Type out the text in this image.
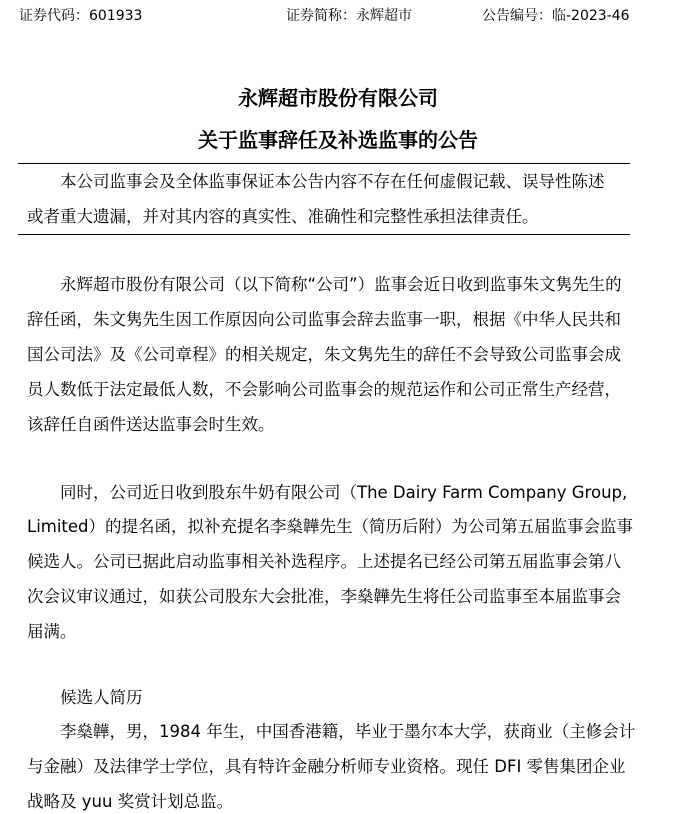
证券代码：601933	证券简称：永辉超市	公告编号：临-2023-46
永辉超市股份有限公司
关于监事辞任及补选监事的公告
本公司监事会及全体监事保证本公告内容不存在任何虚假记载、误导性陈述
或者重大遗漏，并对其内容的真实性、准确性和完整性承担法律责任。
永辉超市股份有限公司（以下简称“公司”）监事会近日收到监事朱文隽先生的
辞任函，朱文隽先生因工作原因向公司监事会辞去监事一职，根据《中华人民共和
国公司法》及《公司章程》的相关规定，朱文隽先生的辞任不会导致公司监事会成
员人数低于法定最低人数，不会影响公司监事会的规范运作和公司正常生产经营，
该辞任自函件送达监事会时生效。
同时，公司近日收到股东牛奶有限公司（The Dairy Farm Company Group,
Limited）的提名函，拟补充提名李燊韡先生（简历后附）为公司第五届监事会监事
候选人。公司已据此启动监事相关补选程序。上述提名已经公司第五届监事会第八
次会议审议通过，如获公司股东大会批准，李燊韡先生将任公司监事至本届监事会
届满。
候选人简历
李燊韡，男，1984 年生，中国香港籍，毕业于墨尔本大学，获商业（主修会计
与金融）及法律学士学位，具有特许金融分析师专业资格。现任 DFI 零售集团企业
战略及 yuu 奖赏计划总监。
